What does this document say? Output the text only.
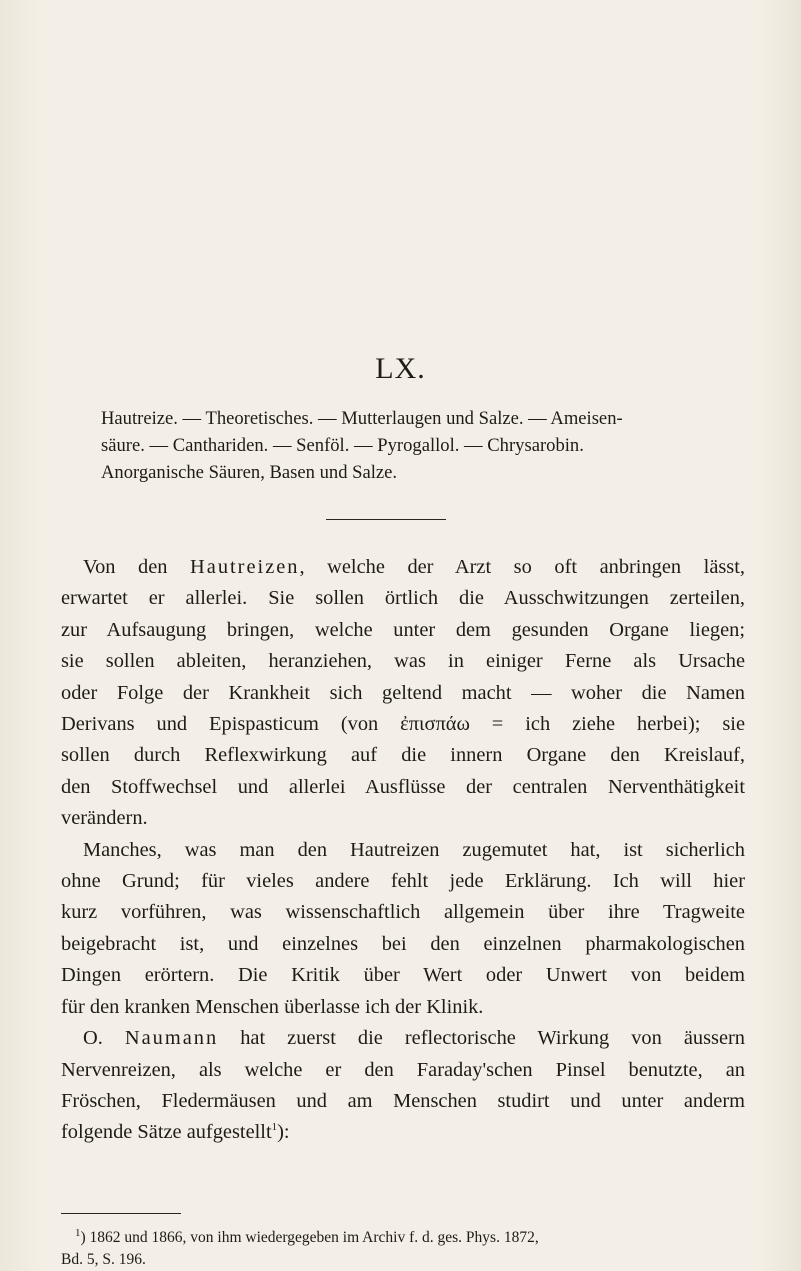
LX.
Hautreize. — Theoretisches. — Mutterlaugen und Salze. — Ameisen-
säure. — Canthariden. — Senföl. — Pyrogallol. — Chrysarobin.
Anorganische Säuren, Basen und Salze.
Von den Hautreizen, welche der Arzt so oft anbringen lässt,
erwartet er allerlei. Sie sollen örtlich die Ausschwitzungen zerteilen,
zur Aufsaugung bringen, welche unter dem gesunden Organe liegen;
sie sollen ableiten, heranziehen, was in einiger Ferne als Ursache
oder Folge der Krankheit sich geltend macht — woher die Namen
Derivans und Epispasticum (von ἐπισπάω = ich ziehe herbei); sie
sollen durch Reflexwirkung auf die innern Organe den Kreislauf,
den Stoffwechsel und allerlei Ausflüsse der centralen Nerventhätigkeit
verändern.
Manches, was man den Hautreizen zugemutet hat, ist sicherlich
ohne Grund; für vieles andere fehlt jede Erklärung. Ich will hier
kurz vorführen, was wissenschaftlich allgemein über ihre Tragweite
beigebracht ist, und einzelnes bei den einzelnen pharmakologischen
Dingen erörtern. Die Kritik über Wert oder Unwert von beidem
für den kranken Menschen überlasse ich der Klinik.
O. Naumann hat zuerst die reflectorische Wirkung von äussern
Nervenreizen, als welche er den Faraday'schen Pinsel benutzte, an
Fröschen, Fledermäusen und am Menschen studirt und unter anderm
folgende Sätze aufgestellt$^1$):
$^1$) 1862 und 1866, von ihm wiedergegeben im Archiv f. d. ges. Phys. 1872,
Bd. 5, S. 196.
